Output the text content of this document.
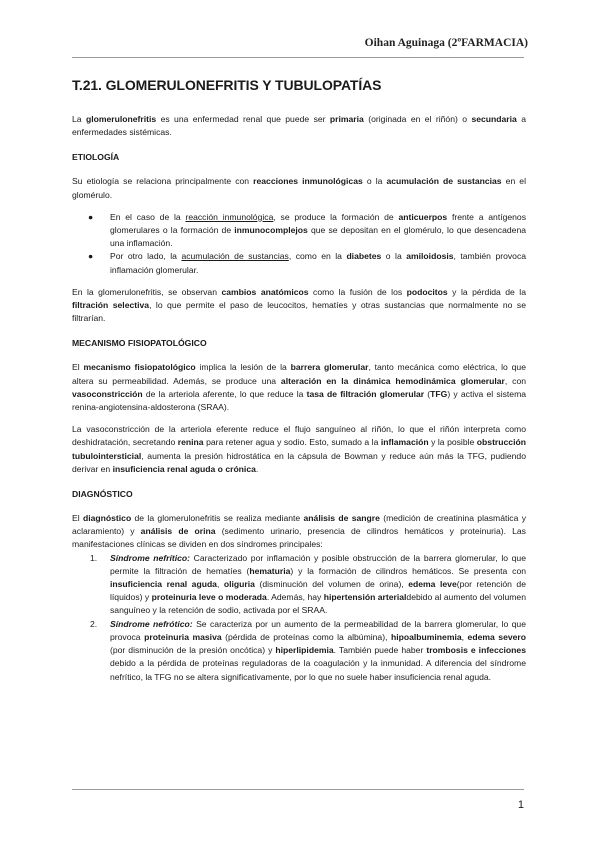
Oihan Aguinaga (2ºFARMACIA)
T.21. GLOMERULONEFRITIS Y TUBULOPATÍAS

La glomerulonefritis es una enfermedad renal que puede ser primaria (originada en el riñón) o secundaria a enfermedades sistémicas.

ETIOLOGÍA

Su etiología se relaciona principalmente con reacciones inmunológicas o la acumulación de sustancias en el glomérulo.

● En el caso de la reacción inmunológica, se produce la formación de anticuerpos frente a antígenos glomerulares o la formación de inmunocomplejos que se depositan en el glomérulo, lo que desencadena una inflamación.
● Por otro lado, la acumulación de sustancias, como en la diabetes o la amiloidosis, también provoca inflamación glomerular.

En la glomerulonefritis, se observan cambios anatómicos como la fusión de los podocitos y la pérdida de la filtración selectiva, lo que permite el paso de leucocitos, hematíes y otras sustancias que normalmente no se filtrarían.

MECANISMO FISIOPATOLÓGICO

El mecanismo fisiopatológico implica la lesión de la barrera glomerular, tanto mecánica como eléctrica, lo que altera su permeabilidad. Además, se produce una alteración en la dinámica hemodinámica glomerular, con vasoconstricción de la arteriola aferente, lo que reduce la tasa de filtración glomerular (TFG) y activa el sistema renina-angiotensina-aldosterona (SRAA).

La vasoconstricción de la arteriola eferente reduce el flujo sanguíneo al riñón, lo que el riñón interpreta como deshidratación, secretando renina para retener agua y sodio. Esto, sumado a la inflamación y la posible obstrucción tubulointersticial, aumenta la presión hidrostática en la cápsula de Bowman y reduce aún más la TFG, pudiendo derivar en insuficiencia renal aguda o crónica.

DIAGNÓSTICO

El diagnóstico de la glomerulonefritis se realiza mediante análisis de sangre (medición de creatinina plasmática y aclaramiento) y análisis de orina (sedimento urinario, presencia de cilindros hemáticos y proteinuria). Las manifestaciones clínicas se dividen en dos síndromes principales:

1. Síndrome nefrítico: Caracterizado por inflamación y posible obstrucción de la barrera glomerular, lo que permite la filtración de hematíes (hematuria) y la formación de cilindros hemáticos. Se presenta con insuficiencia renal aguda, oliguria (disminución del volumen de orina), edema leve(por retención de líquidos) y proteinuria leve o moderada. Además, hay hipertensión arterialdebido al aumento del volumen sanguíneo y la retención de sodio, activada por el SRAA.
2. Síndrome nefrótico: Se caracteriza por un aumento de la permeabilidad de la barrera glomerular, lo que provoca proteinuria masiva (pérdida de proteínas como la albúmina), hipoalbuminemia, edema severo (por disminución de la presión oncótica) y hiperlipidemia. También puede haber trombosis e infecciones debido a la pérdida de proteínas reguladoras de la coagulación y la inmunidad. A diferencia del síndrome nefrítico, la TFG no se altera significativamente, por lo que no suele haber insuficiencia renal aguda.
1
